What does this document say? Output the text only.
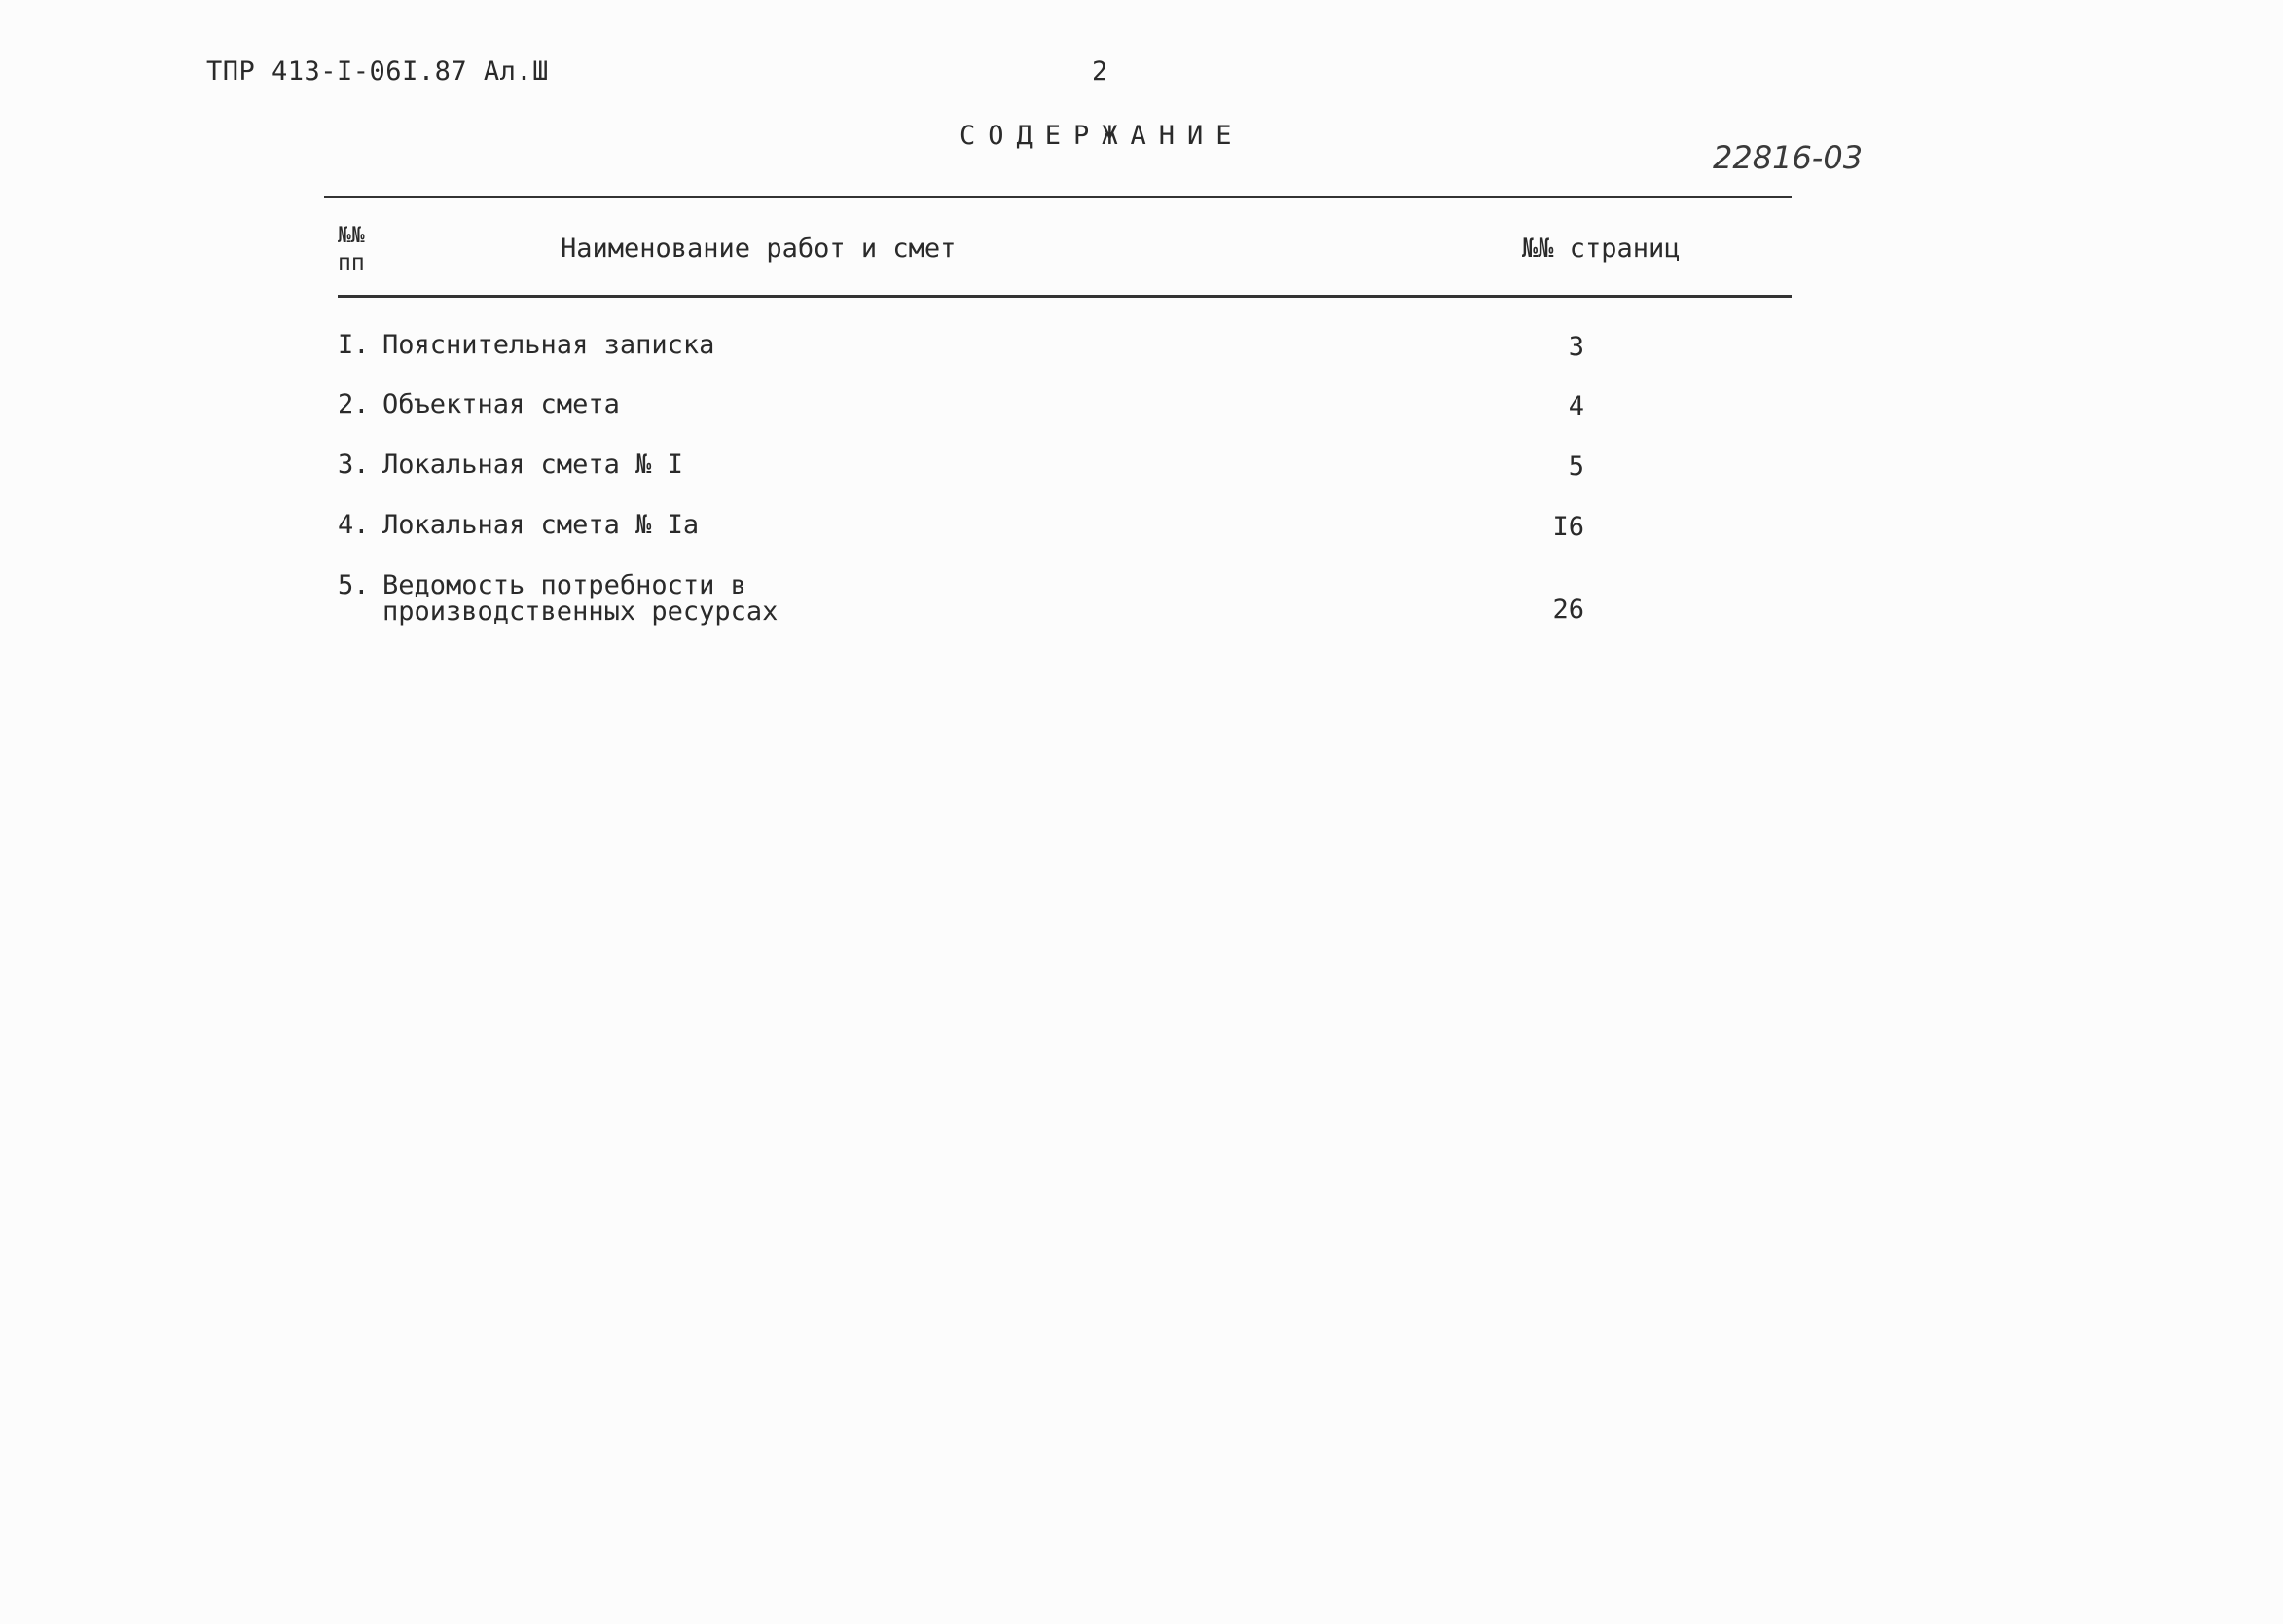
ТПР 413-I-06I.87 Ал.Ш	2
СОДЕРЖАНИЕ
22816-03
№№
пп	Наименование работ и смет	№№ страниц
I. Пояснительная записка	3
2. Объектная смета	4
3. Локальная смета № I	5
4. Локальная смета № Iа	I6
5. Ведомость потребности в
производственных ресурсах	26
